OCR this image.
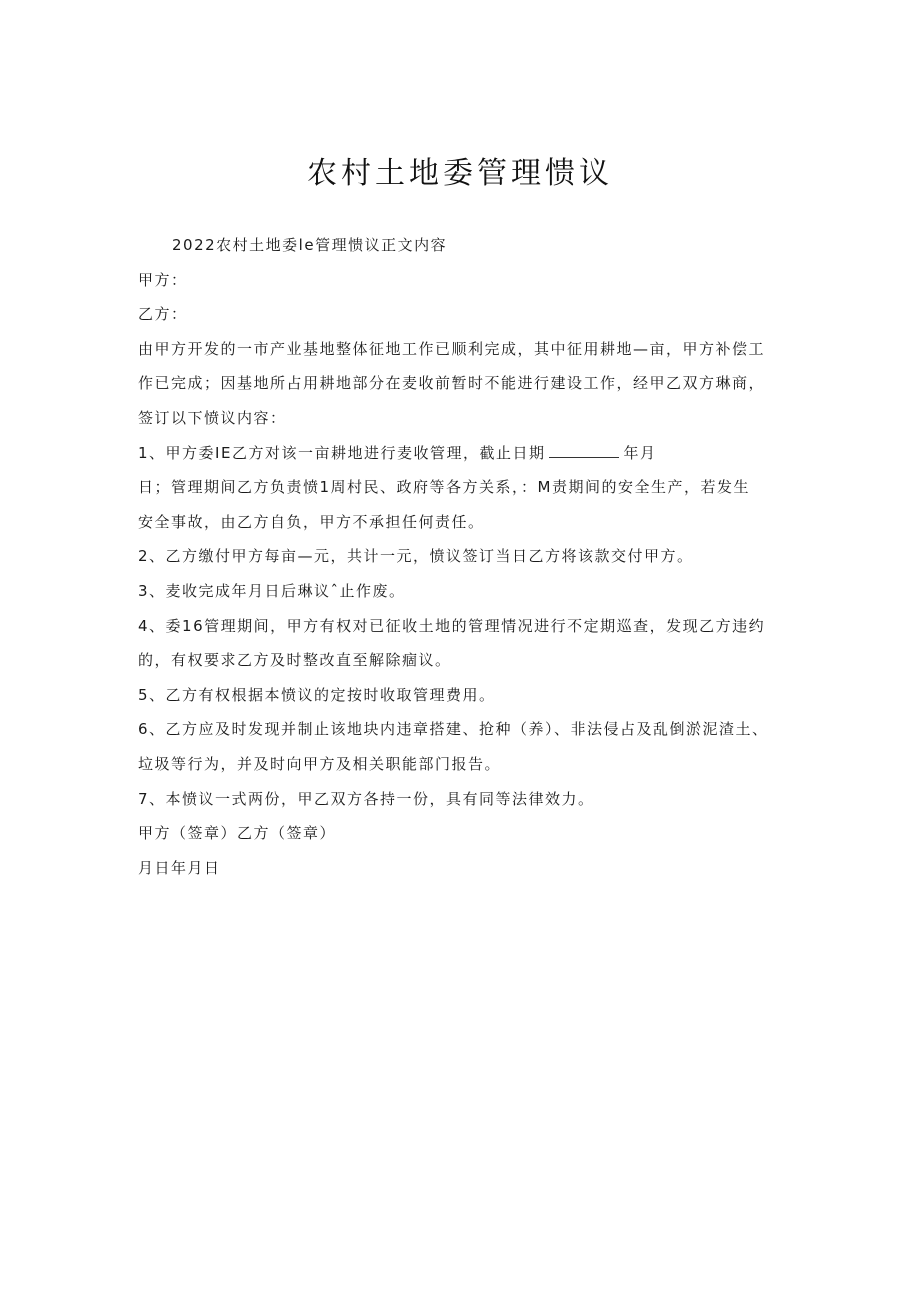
农村土地委管理愦议

2022农村土地委le管理愦议正文内容

甲方：

乙方：

由甲方开发的一市产业基地整体征地工作已顺利完成，其中征用耕地—亩，甲方补偿工

作已完成；因基地所占用耕地部分在麦收前暂时不能进行建设工作，经甲乙双方琳商，

签订以下愤议内容：

1、甲方委IE乙方对该一亩耕地进行麦收管理，截止日期	年月

日；管理期间乙方负责愤1周村民、政府等各方关系，：M责期间的安全生产，若发生

安全事故，由乙方自负，甲方不承担任何责任。

2、乙方缴付甲方每亩—元，共计一元，愤议签订当日乙方将该款交付甲方。

3、麦收完成年月日后琳议ˆ止作废。

4、委16管理期间，甲方有权对已征收土地的管理情况进行不定期巡查，发现乙方违约

的，有权要求乙方及时整改直至解除痼议。

5、乙方有权根据本愤议的定按时收取管理费用。

6、乙方应及时发现并制止该地块内违章搭建、抢种（养）、非法侵占及乱倒淤泥渣土、

垃圾等行为，并及时向甲方及相关职能部门报告。

7、本愤议一式两份，甲乙双方各持一份，具有同等法律效力。

甲方（签章）乙方（签章）

月日年月日
